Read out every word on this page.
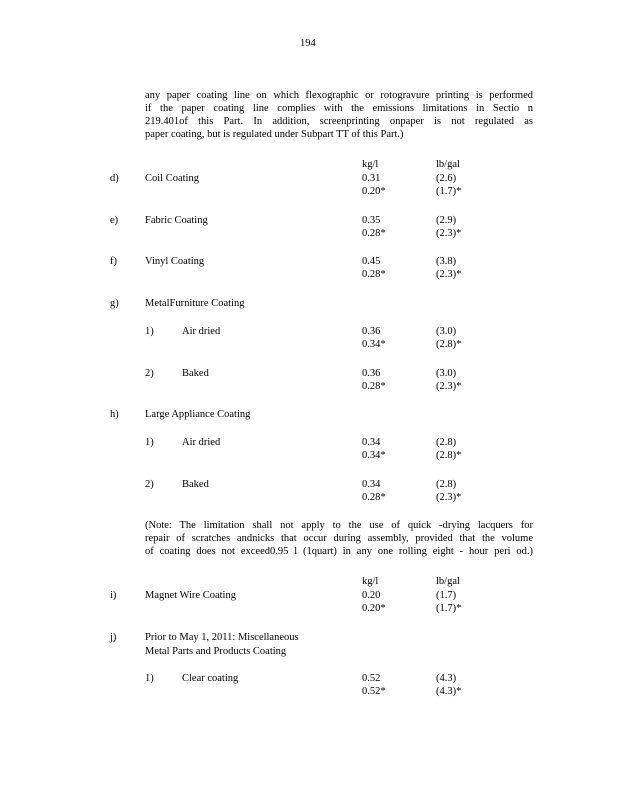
194
any paper coating line on which flexographic or rotogravure printing is performed
if the paper coating line complies with the emissions limitations in Sectio n
219.401of this Part. In addition, screenprinting onpaper is not regulated as
paper coating, but is regulated under Subpart TT of this Part.)
kg/l	lb/gal
d)	Coil Coating	0.31	(2.6)
0.20*	(1.7)*
e)	Fabric Coating	0.35	(2.9)
0.28*	(2.3)*
f)	Vinyl Coating	0.45	(3.8)
0.28*	(2.3)*
g)	MetalFurniture Coating
1)	Air dried	0.36	(3.0)
0.34*	(2.8)*
2)	Baked	0.36	(3.0)
0.28*	(2.3)*
h)	Large Appliance Coating
1)	Air dried	0.34	(2.8)
0.34*	(2.8)*
2)	Baked	0.34	(2.8)
0.28*	(2.3)*
(Note: The limitation shall not apply to the use of quick -drying lacquers for
repair of scratches andnicks that occur during assembly, provided that the volume
of coating does not exceed0.95 l (1quart) in any one rolling eight - hour peri od.)
kg/l	lb/gal
i)	Magnet Wire Coating	0.20	(1.7)
0.20*	(1.7)*
j)	Prior to May 1, 2011: Miscellaneous
Metal Parts and Products Coating
1)	Clear coating	0.52	(4.3)
0.52*	(4.3)*
